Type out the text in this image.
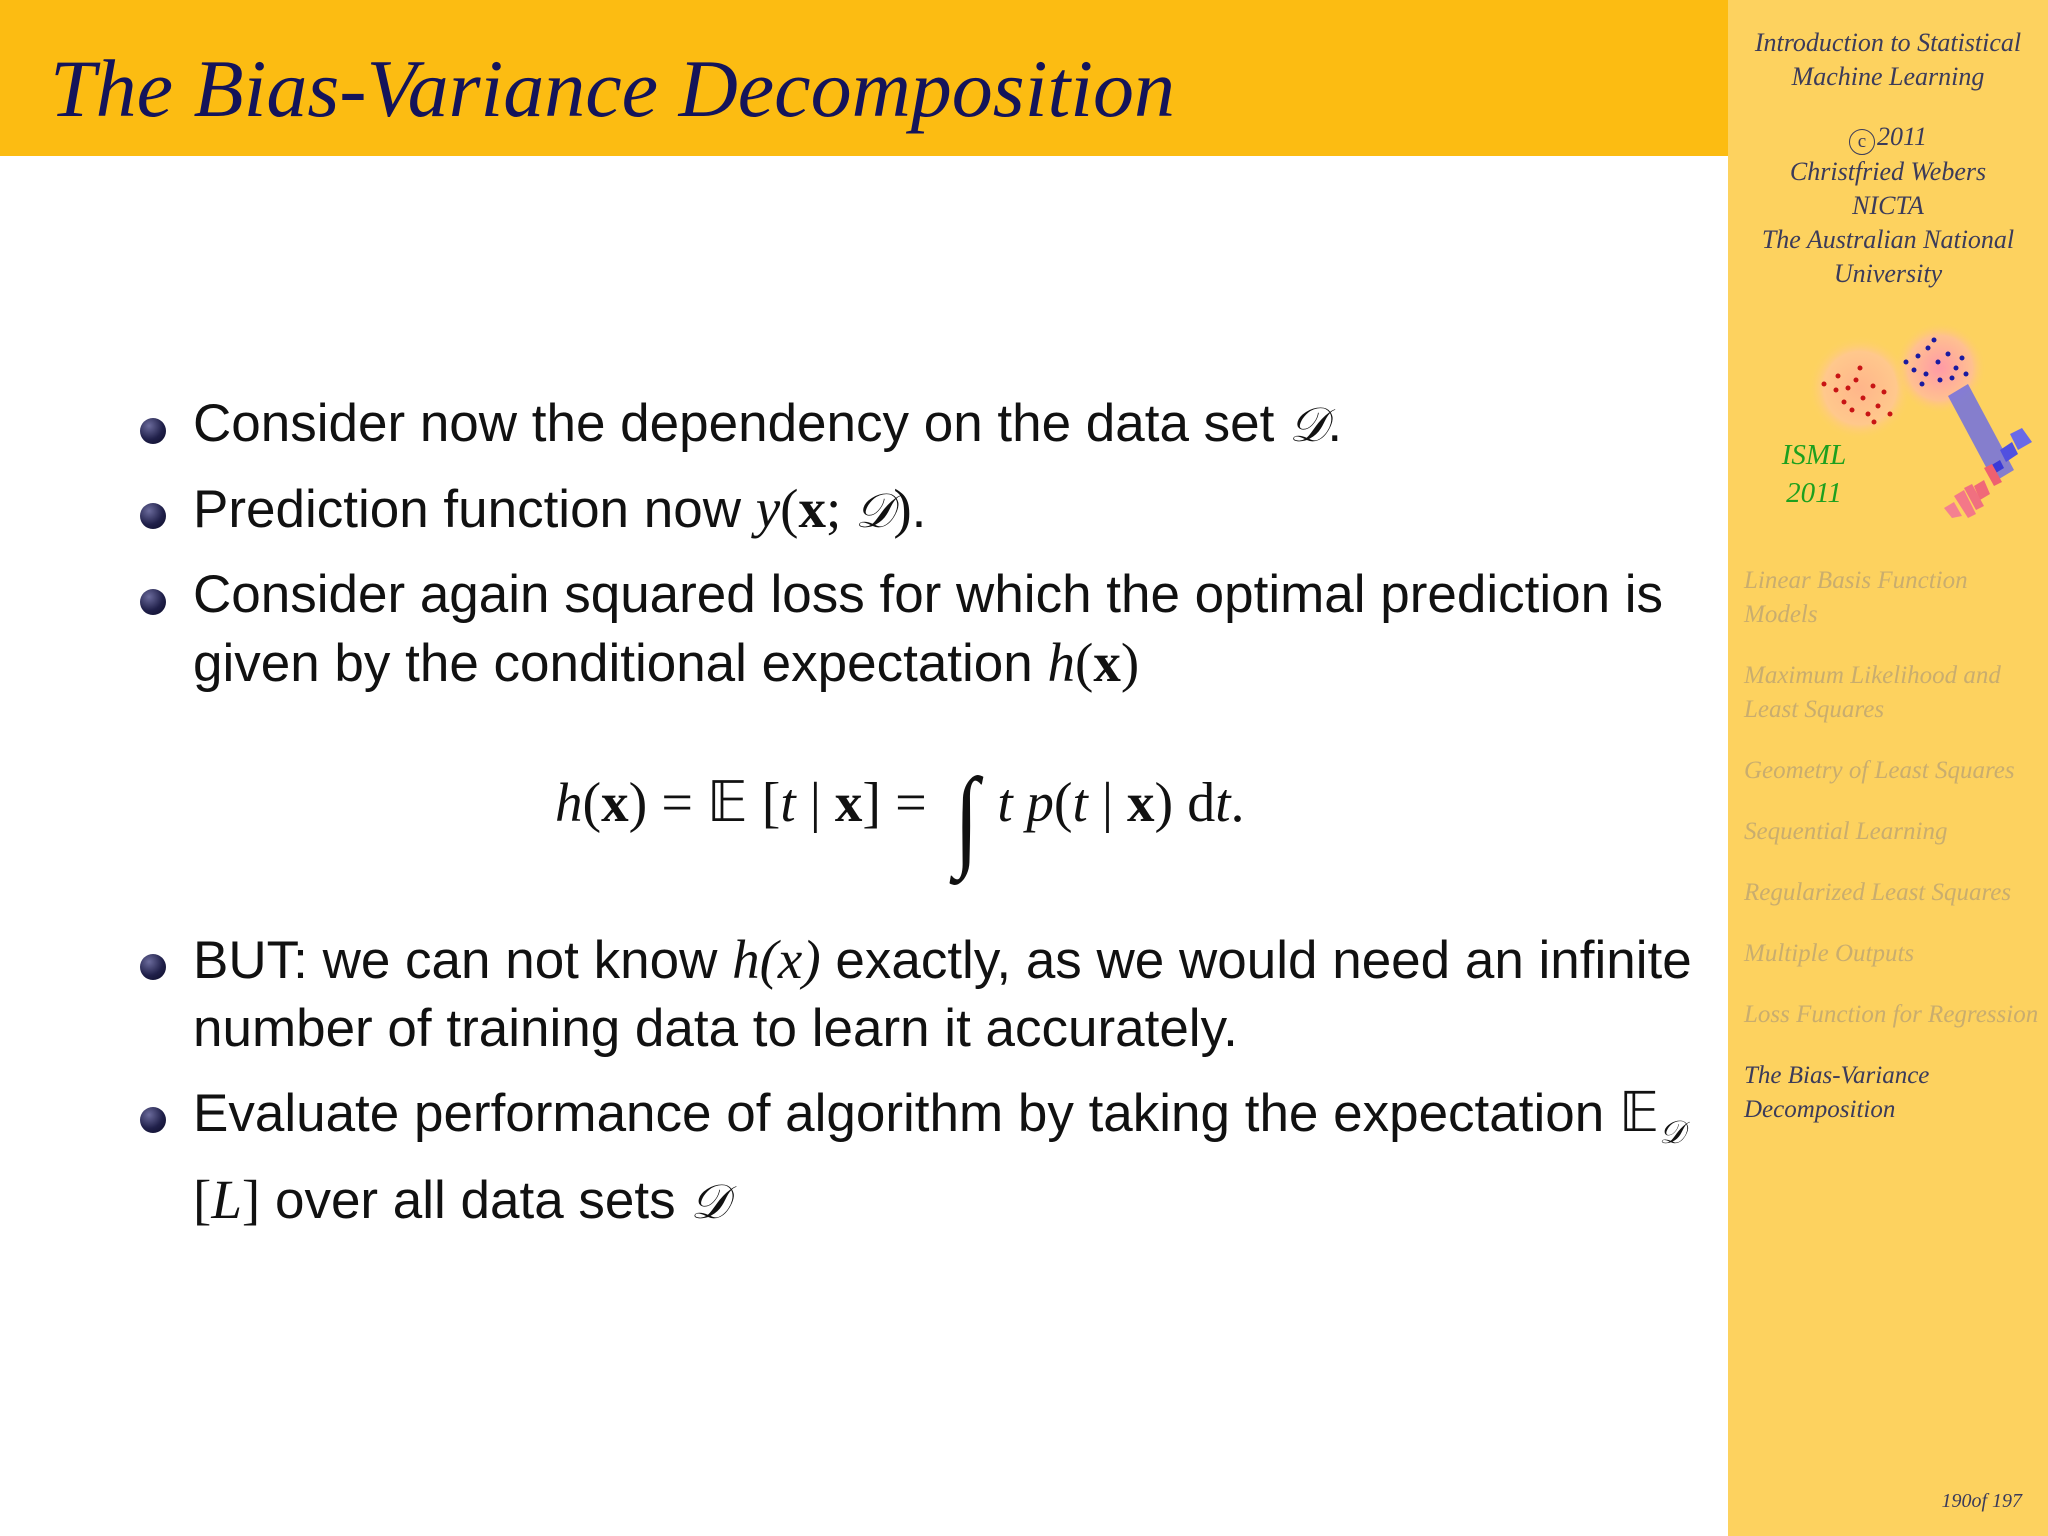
The Bias-Variance Decomposition
Introduction to Statistical
Machine Learning
c 2011
Christfried Webers
NICTA
The Australian National
University
ISML
2011
Linear Basis Function Models
Maximum Likelihood and Least Squares
Geometry of Least Squares
Sequential Learning
Regularized Least Squares
Multiple Outputs
Loss Function for Regression
The Bias-Variance Decomposition
190of 197
Consider now the dependency on the data set 𝒟.
Prediction function now y(x; 𝒟).
Consider again squared loss for which the optimal prediction is given by the conditional expectation h(x)
h(x) = 𝔼 [t | x] = ∫ t p(t | x) dt.
BUT: we can not know h(x) exactly, as we would need an infinite number of training data to learn it accurately.
Evaluate performance of algorithm by taking the expectation 𝔼$_𝒟$ [L] over all data sets 𝒟
